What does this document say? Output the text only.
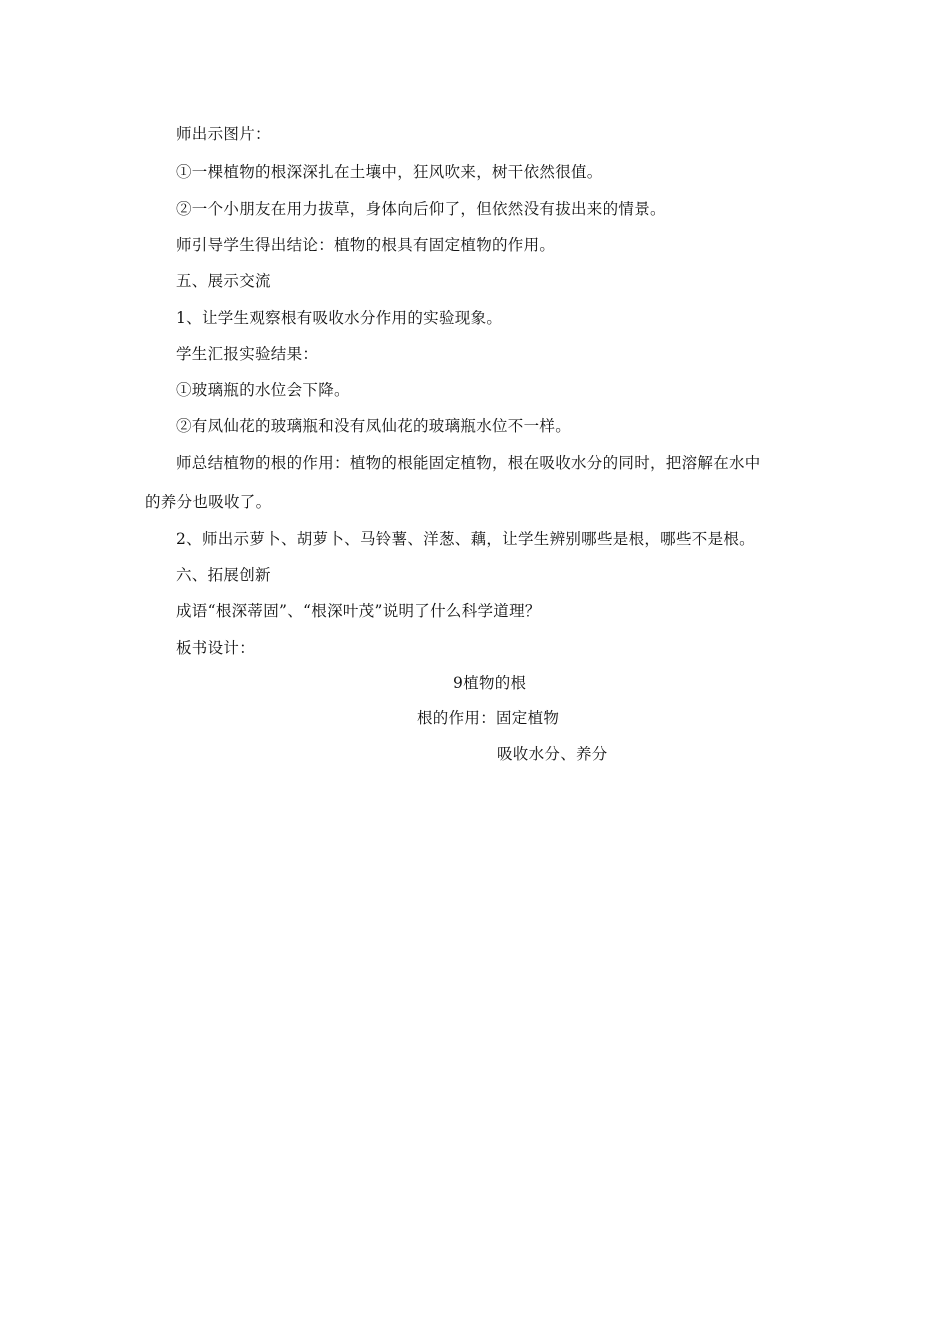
师出示图片：
①一棵植物的根深深扎在土壤中，狂风吹来，树干依然很值。
②一个小朋友在用力拔草，身体向后仰了，但依然没有拔出来的情景。
师引导学生得出结论：植物的根具有固定植物的作用。
五、展示交流
1、让学生观察根有吸收水分作用的实验现象。
学生汇报实验结果：
①玻璃瓶的水位会下降。
②有凤仙花的玻璃瓶和没有凤仙花的玻璃瓶水位不一样。
师总结植物的根的作用：植物的根能固定植物，根在吸收水分的同时，把溶解在水中
的养分也吸收了。
2、师出示萝卜、胡萝卜、马铃薯、洋葱、藕，让学生辨别哪些是根，哪些不是根。
六、拓展创新
成语“根深蒂固”、“根深叶茂”说明了什么科学道理？
板书设计：
9植物的根
根的作用：固定植物
吸收水分、养分
